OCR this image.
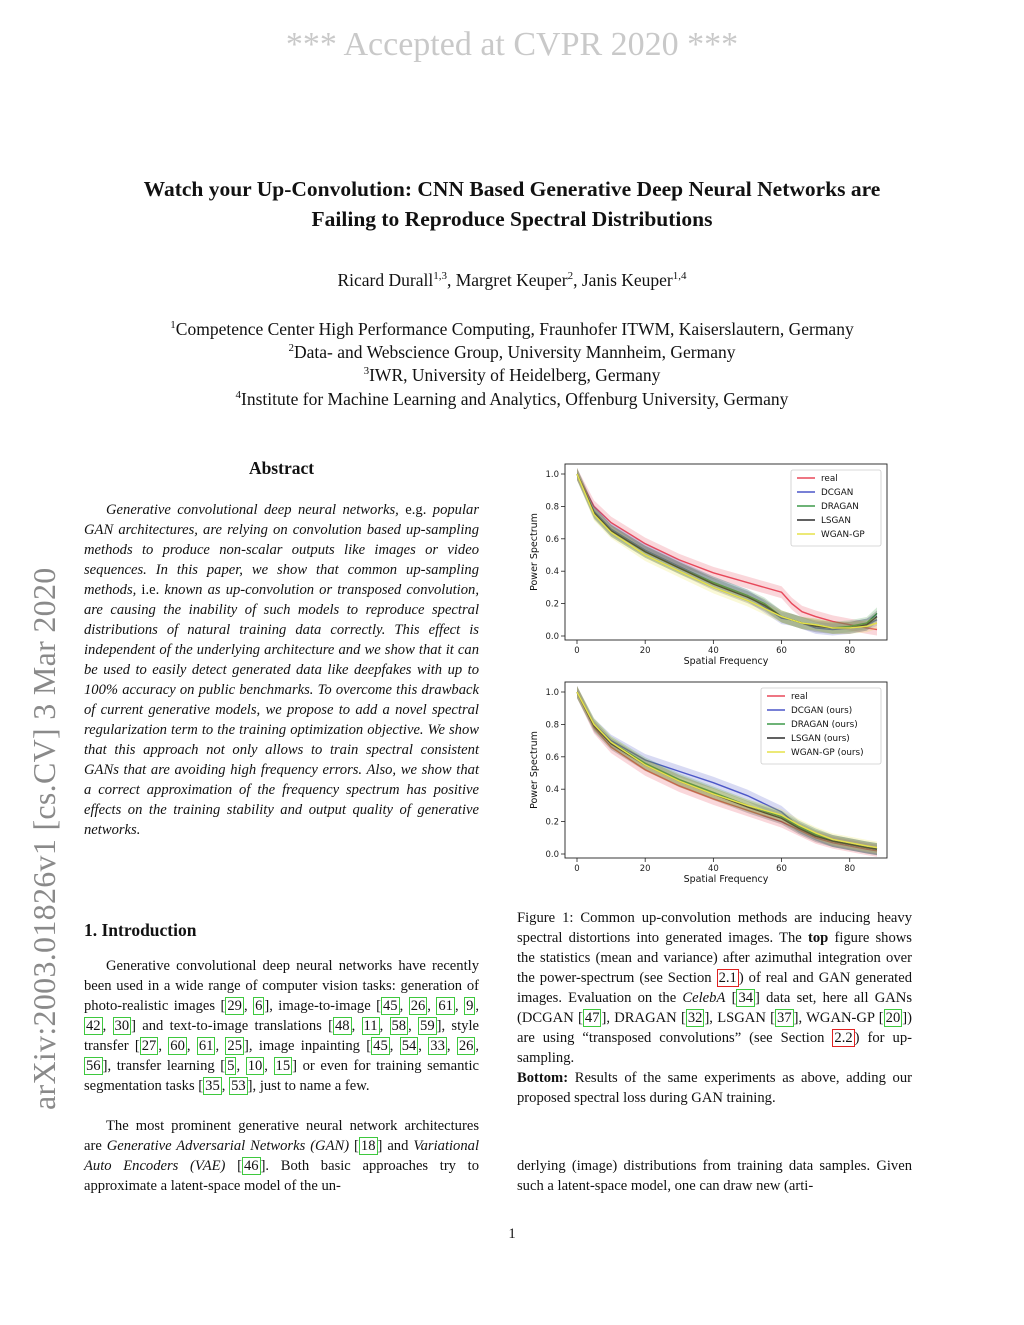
*** Accepted at CVPR 2020 ***
arXiv:2003.01826v1 [cs.CV] 3 Mar 2020
Watch your Up-Convolution: CNN Based Generative Deep Neural Networks are
Failing to Reproduce Spectral Distributions
Ricard Durall$^{1,3}$, Margret Keuper$^2$, Janis Keuper$^{1,4}$
$^1$Competence Center High Performance Computing, Fraunhofer ITWM, Kaiserslautern, Germany
$^2$Data- and Webscience Group, University Mannheim, Germany
$^3$IWR, University of Heidelberg, Germany
$^4$Institute for Machine Learning and Analytics, Offenburg University, Germany
Abstract
Generative convolutional deep neural networks, e.g. popular GAN architectures, are relying on convolution based up-sampling methods to produce non-scalar outputs like images or video sequences. In this paper, we show that common up-sampling methods, i.e. known as up-convolution or transposed convolution, are causing the inability of such models to reproduce spectral distributions of natural training data correctly. This effect is independent of the underlying architecture and we show that it can be used to easily detect generated data like deepfakes with up to 100% accuracy on public benchmarks. To overcome this drawback of current generative models, we propose to add a novel spectral regularization term to the training optimization objective. We show that this approach not only allows to train spectral consistent GANs that are avoiding high frequency errors. Also, we show that a correct approximation of the frequency spectrum has positive effects on the training stability and output quality of generative networks.
1. Introduction
Generative convolutional deep neural networks have recently been used in a wide range of computer vision tasks: generation of photo-realistic images [ 29 , 6 ], image-to-image [ 45 , 26 , 61 , 9 , 42 , 30 ] and text-to-image translations [ 48 , 11 , 58 , 59 ], style transfer [ 27 , 60 , 61 , 25 ], image inpainting [ 45 , 54 , 33 , 26 , 56 ], transfer learning [ 5 , 10 , 15 ] or even for training semantic segmentation tasks [ 35 , 53 ], just to name a few.
The most prominent generative neural network architectures are Generative Adversarial Networks (GAN) [ 18 ] and Variational Auto Encoders (VAE) [ 46 ]. Both basic approaches try to approximate a latent-space model of the un-
0.0
0.2
0.4
0.6
0.8
1.0
0	20	40	60	80
Spatial Frequency
Power Spectrum
real
DCGAN
DRAGAN
LSGAN
WGAN-GP
0.0
0.2
0.4
0.6
0.8
1.0
0	20	40	60	80
Spatial Frequency
Power Spectrum
real
DCGAN (ours)
DRAGAN (ours)
LSGAN (ours)
WGAN-GP (ours)
Figure 1: Common up-convolution methods are inducing heavy spectral distortions into generated images. The top figure shows the statistics (mean and variance) after azimuthal integration over the power-spectrum (see Section 2.1 ) of real and GAN generated images. Evaluation on the CelebA [ 34 ] data set, here all GANs (DCGAN [ 47 ], DRAGAN [ 32 ], LSGAN [ 37 ], WGAN-GP [ 20 ]) are using “transposed convolutions” (see Section 2.2 ) for up-sampling.
Bottom: Results of the same experiments as above, adding our proposed spectral loss during GAN training.
derlying (image) distributions from training data samples. Given such a latent-space model, one can draw new (arti-
1
